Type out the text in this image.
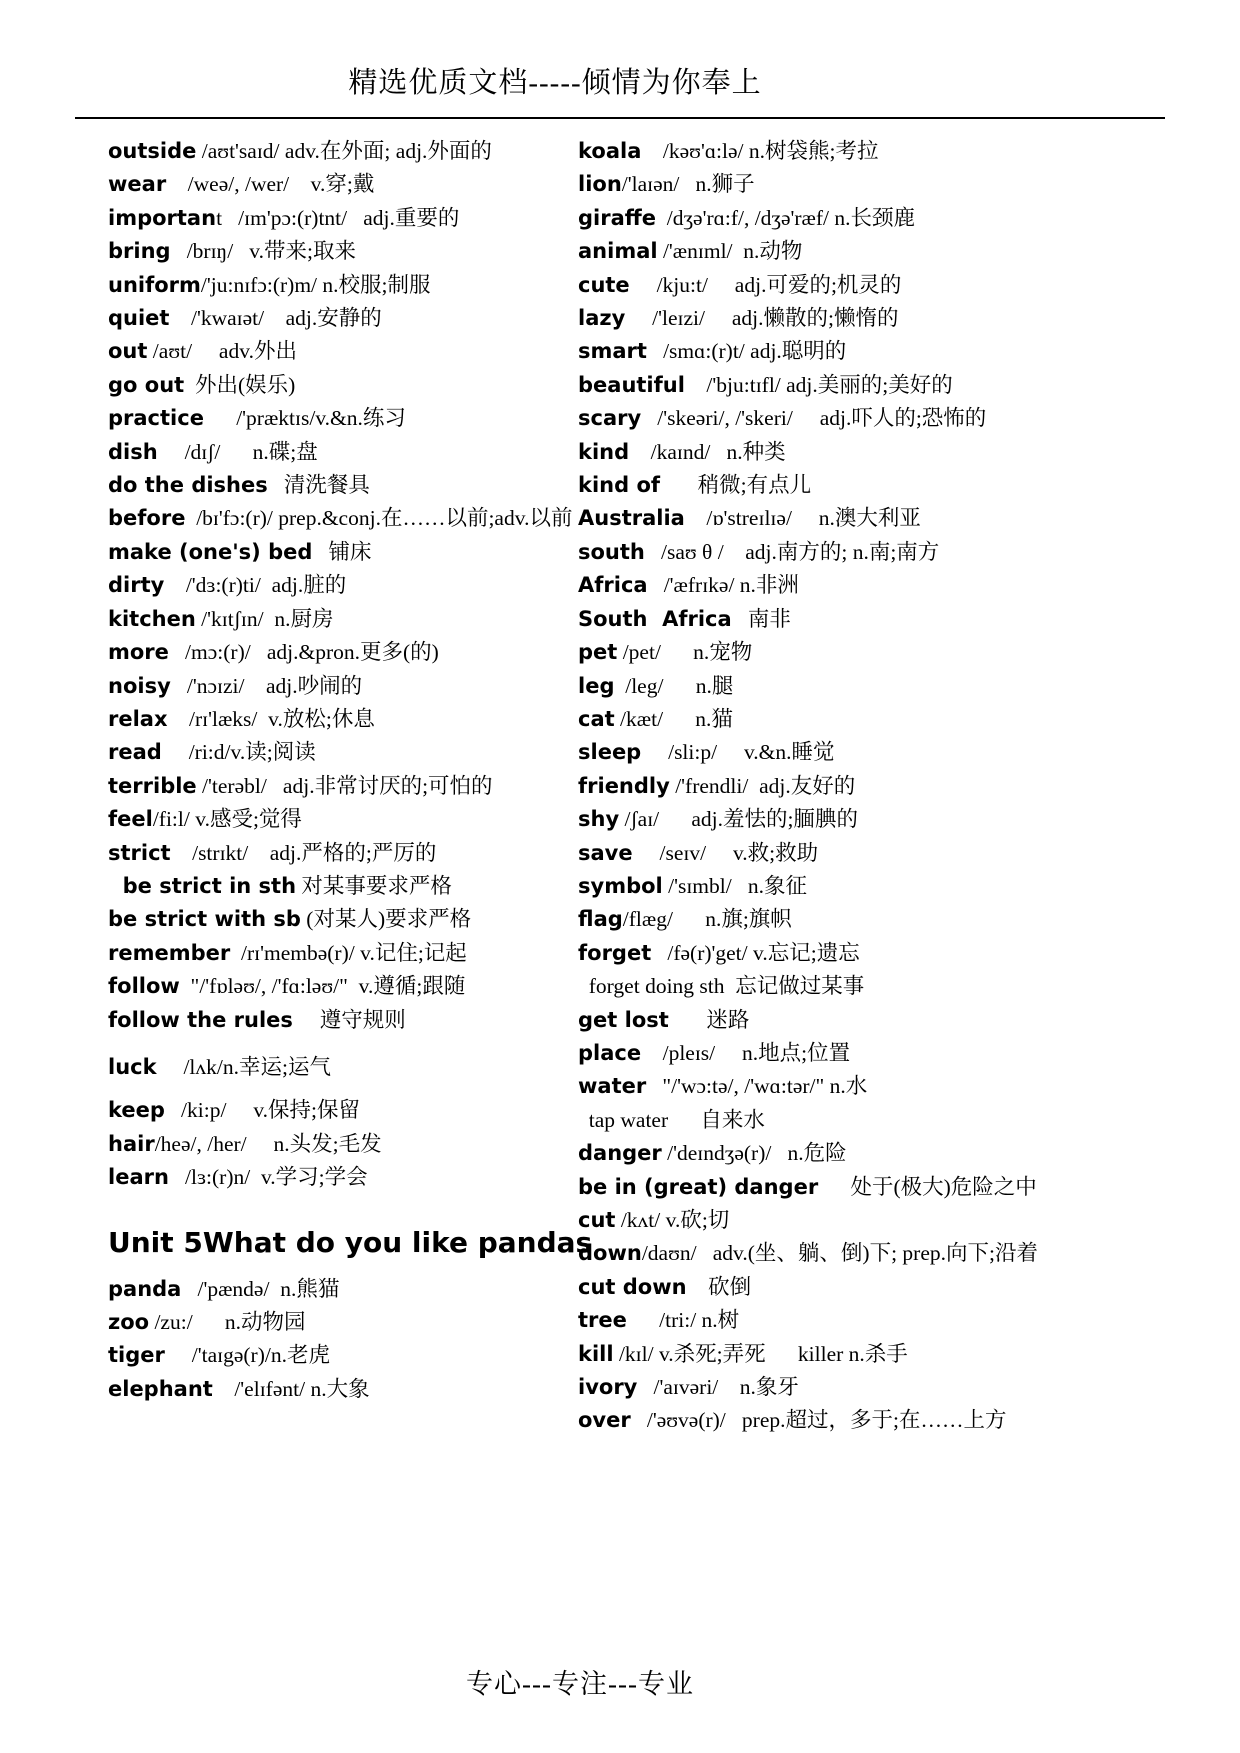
精选优质文档-----倾情为你奉上
outside /aʊt'saɪd/ adv.在外面; adj.外面的
wear    /weə/, /wer/    v.穿;戴
important   /ɪm'pɔ:(r)tnt/   adj.重要的
bring   /brɪŋ/   v.带来;取来
uniform/'ju:nɪfɔ:(r)m/ n.校服;制服
quiet    /'kwaɪət/    adj.安静的
out /aʊt/     adv.外出
go out  外出(娱乐)
practice      /'præktɪs/v.&n.练习
dish     /dɪʃ/      n.碟;盘
do the dishes   清洗餐具
before  /bɪ'fɔ:(r)/ prep.&conj.在……以前;adv.以前
make (one's) bed   铺床
dirty    /'dɜ:(r)ti/  adj.脏的
kitchen /'kɪtʃɪn/  n.厨房
more   /mɔ:(r)/   adj.&pron.更多(的)
noisy   /'nɔɪzi/    adj.吵闹的
relax    /rɪ'læks/  v.放松;休息
read     /ri:d/v.读;阅读
terrible /'terəbl/   adj.非常讨厌的;可怕的
feel/fi:l/ v.感受;觉得
strict    /strɪkt/    adj.严格的;严厉的
be strict in sth 对某事要求严格
be strict with sb (对某人)要求严格
remember  /rɪ'membə(r)/ v.记住;记起
follow  "/'fɒləʊ/, /'fɑ:ləʊ/"  v.遵循;跟随
follow the rules     遵守规则
luck     /lʌk/n.幸运;运气
keep   /ki:p/     v.保持;保留
hair/heə/, /her/     n.头发;毛发
learn   /lɜ:(r)n/  v.学习;学会
Unit 5What do you like pandas
panda   /'pændə/  n.熊猫
zoo /zu:/      n.动物园
tiger     /'taɪgə(r)/n.老虎
elephant    /'elɪfənt/ n.大象
koala    /kəʊ'ɑ:lə/ n.树袋熊;考拉
lion/'laɪən/   n.狮子
giraffe  /dʒə'rɑ:f/, /dʒə'ræf/ n.长颈鹿
animal /'ænɪml/  n.动物
cute     /kju:t/     adj.可爱的;机灵的
lazy     /'leɪzi/     adj.懒散的;懒惰的
smart   /smɑ:(r)t/ adj.聪明的
beautiful    /'bju:tɪfl/ adj.美丽的;美好的
scary   /'skeəri/, /'skeri/     adj.吓人的;恐怖的
kind    /kaɪnd/   n.种类
kind of       稍微;有点儿
Australia    /ɒ'streɪlɪə/     n.澳大利亚
south   /saʊ θ /    adj.南方的; n.南;南方
Africa   /'æfrɪkə/ n.非洲
South  Africa   南非
pet /pet/      n.宠物
leg  /leg/      n.腿
cat /kæt/      n.猫
sleep     /sli:p/     v.&n.睡觉
friendly /'frendli/  adj.友好的
shy /ʃaɪ/      adj.羞怯的;腼腆的
save     /seɪv/     v.救;救助
symbol /'sɪmbl/   n.象征
flag/flæg/      n.旗;旗帜
forget   /fə(r)'get/ v.忘记;遗忘
forget doing sth  忘记做过某事
get lost       迷路
place    /pleɪs/     n.地点;位置
water   "/'wɔ:tə/, /'wɑ:tər/" n.水
tap water      自来水
danger /'deɪndʒə(r)/   n.危险
be in (great) danger      处于(极大)危险之中
cut /kʌt/ v.砍;切
down/daʊn/   adv.(坐、躺、倒)下; prep.向下;沿着
cut down    砍倒
tree      /tri:/ n.树
kill /kɪl/ v.杀死;弄死      killer n.杀手
ivory   /'aɪvəri/    n.象牙
over   /'əʊvə(r)/   prep.超过，多于;在……上方
专心---专注---专业
